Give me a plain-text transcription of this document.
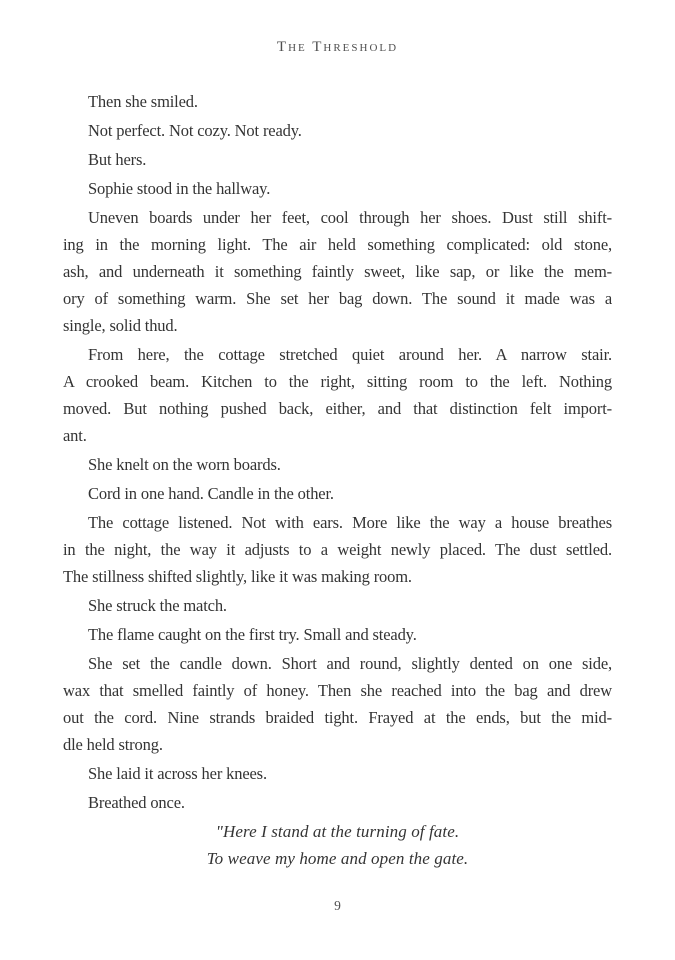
The Threshold
Then she smiled.
Not perfect. Not cozy. Not ready.
But hers.
Sophie stood in the hallway.
Uneven boards under her feet, cool through her shoes. Dust still shift-
ing in the morning light. The air held something complicated: old stone,
ash, and underneath it something faintly sweet, like sap, or like the mem-
ory of something warm. She set her bag down. The sound it made was a
single, solid thud.
From here, the cottage stretched quiet around her. A narrow stair.
A crooked beam. Kitchen to the right, sitting room to the left. Nothing
moved. But nothing pushed back, either, and that distinction felt import-
ant.
She knelt on the worn boards.
Cord in one hand. Candle in the other.
The cottage listened. Not with ears. More like the way a house breathes
in the night, the way it adjusts to a weight newly placed. The dust settled.
The stillness shifted slightly, like it was making room.
She struck the match.
The flame caught on the first try. Small and steady.
She set the candle down. Short and round, slightly dented on one side,
wax that smelled faintly of honey. Then she reached into the bag and drew
out the cord. Nine strands braided tight. Frayed at the ends, but the mid-
dle held strong.
She laid it across her knees.
Breathed once.
"Here I stand at the turning of fate.
To weave my home and open the gate.
9
